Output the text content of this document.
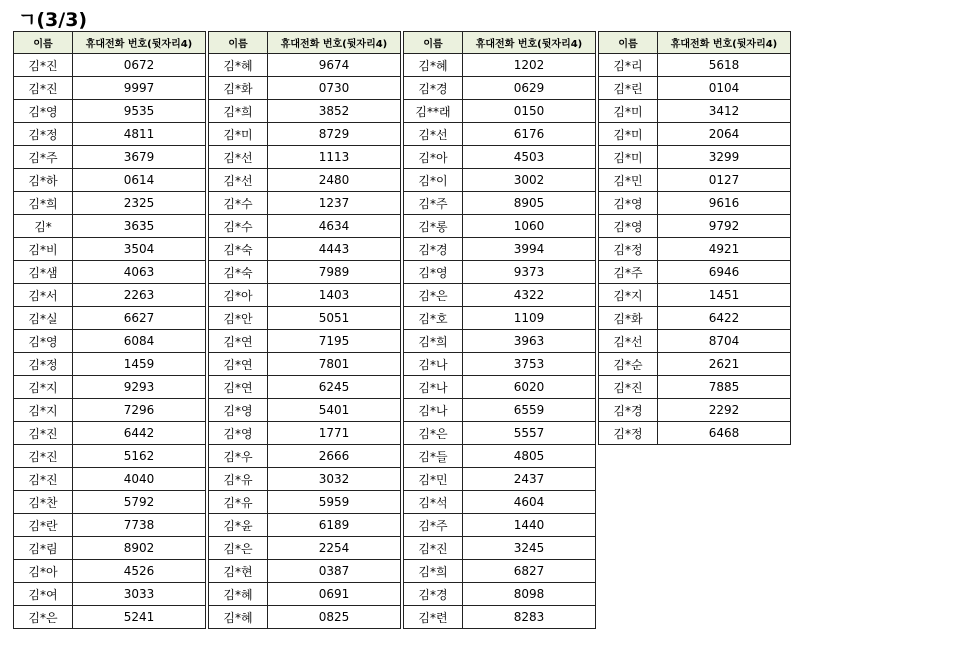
ㄱ(3/3)
이름	휴대전화 번호(뒷자리4)
김*진	0672
김*진	9997
김*영	9535
김*정	4811
김*주	3679
김*하	0614
김*희	2325
김*	3635
김*비	3504
김*샘	4063
김*서	2263
김*실	6627
김*영	6084
김*정	1459
김*지	9293
김*지	7296
김*진	6442
김*진	5162
김*진	4040
김*찬	5792
김*란	7738
김*림	8902
김*아	4526
김*여	3033
김*은	5241
이름	휴대전화 번호(뒷자리4)
김*혜	9674
김*화	0730
김*희	3852
김*미	8729
김*선	1113
김*선	2480
김*수	1237
김*수	4634
김*숙	4443
김*숙	7989
김*아	1403
김*안	5051
김*연	7195
김*연	7801
김*연	6245
김*영	5401
김*영	1771
김*우	2666
김*유	3032
김*유	5959
김*윤	6189
김*은	2254
김*현	0387
김*혜	0691
김*혜	0825
이름	휴대전화 번호(뒷자리4)
김*혜	1202
김*경	0629
김**래	0150
김*선	6176
김*아	4503
김*이	3002
김*주	8905
김*롱	1060
김*경	3994
김*영	9373
김*은	4322
김*호	1109
김*희	3963
김*나	3753
김*나	6020
김*나	6559
김*은	5557
김*들	4805
김*민	2437
김*석	4604
김*주	1440
김*진	3245
김*희	6827
김*경	8098
김*련	8283
이름	휴대전화 번호(뒷자리4)
김*리	5618
김*린	0104
김*미	3412
김*미	2064
김*미	3299
김*민	0127
김*영	9616
김*영	9792
김*정	4921
김*주	6946
김*지	1451
김*화	6422
김*선	8704
김*순	2621
김*진	7885
김*경	2292
김*정	6468
